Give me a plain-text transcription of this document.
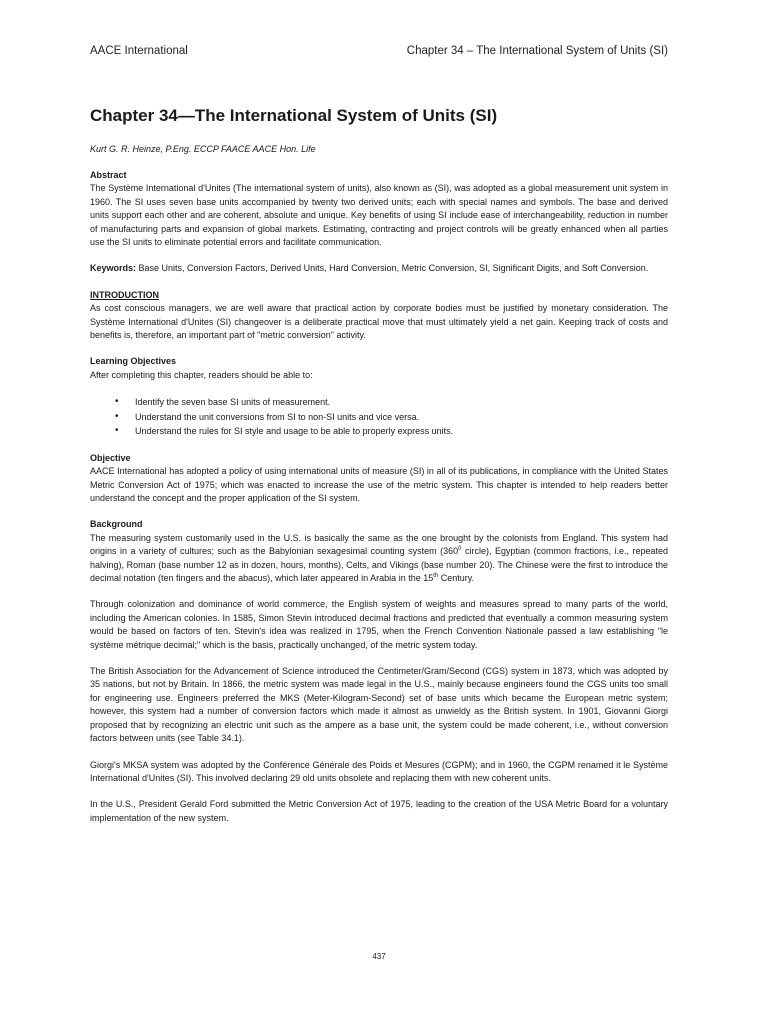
AACE International	Chapter 34 – The International System of Units (SI)
Chapter 34—The International System of Units (SI)
Kurt G. R. Heinze, P.Eng. ECCP FAACE AACE Hon. Life

Abstract

The Système International d'Unites (The international system of units), also known as (SI), was adopted as a global measurement unit system in 1960. The SI uses seven base units accompanied by twenty two derived units; each with special names and symbols. The base and derived units support each other and are coherent, absolute and unique. Key benefits of using SI include ease of interchangeability, reduction in number of manufacturing parts and expansion of global markets. Estimating, contracting and project controls will be greatly enhanced when all parties use the SI units to eliminate potential errors and facilitate communication.

Keywords: Base Units, Conversion Factors, Derived Units, Hard Conversion, Metric Conversion, SI, Significant Digits, and Soft Conversion.

INTRODUCTION

As cost conscious managers, we are well aware that practical action by corporate bodies must be justified by monetary consideration. The Système International d'Unites (SI) changeover is a deliberate practical move that must ultimately yield a net gain. Keeping track of costs and benefits is, therefore, an important part of "metric conversion" activity.

Learning Objectives

After completing this chapter, readers should be able to:

• Identify the seven base SI units of measurement.
• Understand the unit conversions from SI to non-SI units and vice versa.
• Understand the rules for SI style and usage to be able to properly express units.

Objective

AACE International has adopted a policy of using international units of measure (SI) in all of its publications, in compliance with the United States Metric Conversion Act of 1975; which was enacted to increase the use of the metric system. This chapter is intended to help readers better understand the concept and the proper application of the SI system.

Background

The measuring system customarily used in the U.S. is basically the same as the one brought by the colonists from England. This system had origins in a variety of cultures; such as the Babylonian sexagesimal counting system ($360^0$ circle), Egyptian (common fractions, i.e., repeated halving), Roman (base number 12 as in dozen, hours, months), Celts, and Vikings (base number 20). The Chinese were the first to introduce the decimal notation (ten fingers and the abacus), which later appeared in Arabia in the 15th Century.

Through colonization and dominance of world commerce, the English system of weights and measures spread to many parts of the world, including the American colonies. In 1585, Simon Stevin introduced decimal fractions and predicted that eventually a common measuring system would be based on factors of ten. Stevin's idea was realized in 1795, when the French Convention Nationale passed a law establishing "le système métrique decimal;" which is the basis, practically unchanged, of the metric system today.

The British Association for the Advancement of Science introduced the Centimeter/Gram/Second (CGS) system in 1873, which was adopted by 35 nations, but not by Britain. In 1866, the metric system was made legal in the U.S., mainly because engineers found the CGS units too small for engineering use. Engineers preferred the MKS (Meter-Kilogram-Second) set of base units which became the European metric system; however, this system had a number of conversion factors which made it almost as unwieldy as the British system. In 1901, Giovanni Giorgi proposed that by recognizing an electric unit such as the ampere as a base unit, the system could be made coherent, i.e., without conversion factors between units (see Table 34.1).

Giorgi's MKSA system was adopted by the Conférence Générale des Poids et Mesures (CGPM); and in 1960, the CGPM renamed it le Système International d'Unites (SI). This involved declaring 29 old units obsolete and replacing them with new coherent units.

In the U.S., President Gerald Ford submitted the Metric Conversion Act of 1975, leading to the creation of the USA Metric Board for a voluntary implementation of the new system.

437
